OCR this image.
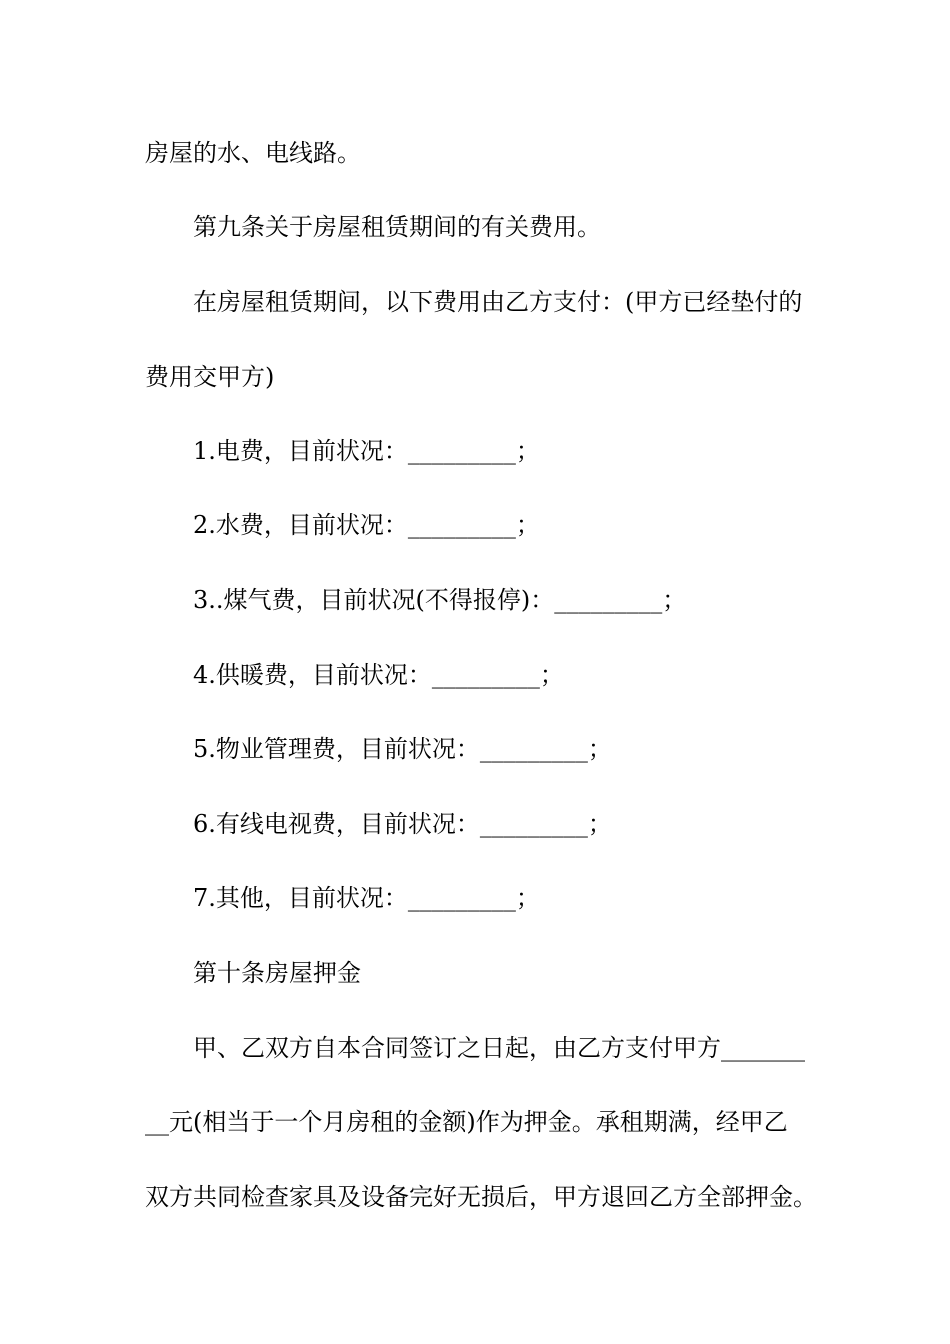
房屋的水、电线路。
第九条关于房屋租赁期间的有关费用。
在房屋租赁期间，以下费用由乙方支付：(甲方已经垫付的
费用交甲方)
1.电费，目前状况：_________；
2.水费，目前状况：_________；
3..煤气费，目前状况(不得报停)：_________；
4.供暖费，目前状况：_________；
5.物业管理费，目前状况：_________；
6.有线电视费，目前状况：_________；
7.其他，目前状况：_________；
第十条房屋押金
甲、乙双方自本合同签订之日起，由乙方支付甲方_______
__元(相当于一个月房租的金额)作为押金。承租期满，经甲乙
双方共同检查家具及设备完好无损后，甲方退回乙方全部押金。
